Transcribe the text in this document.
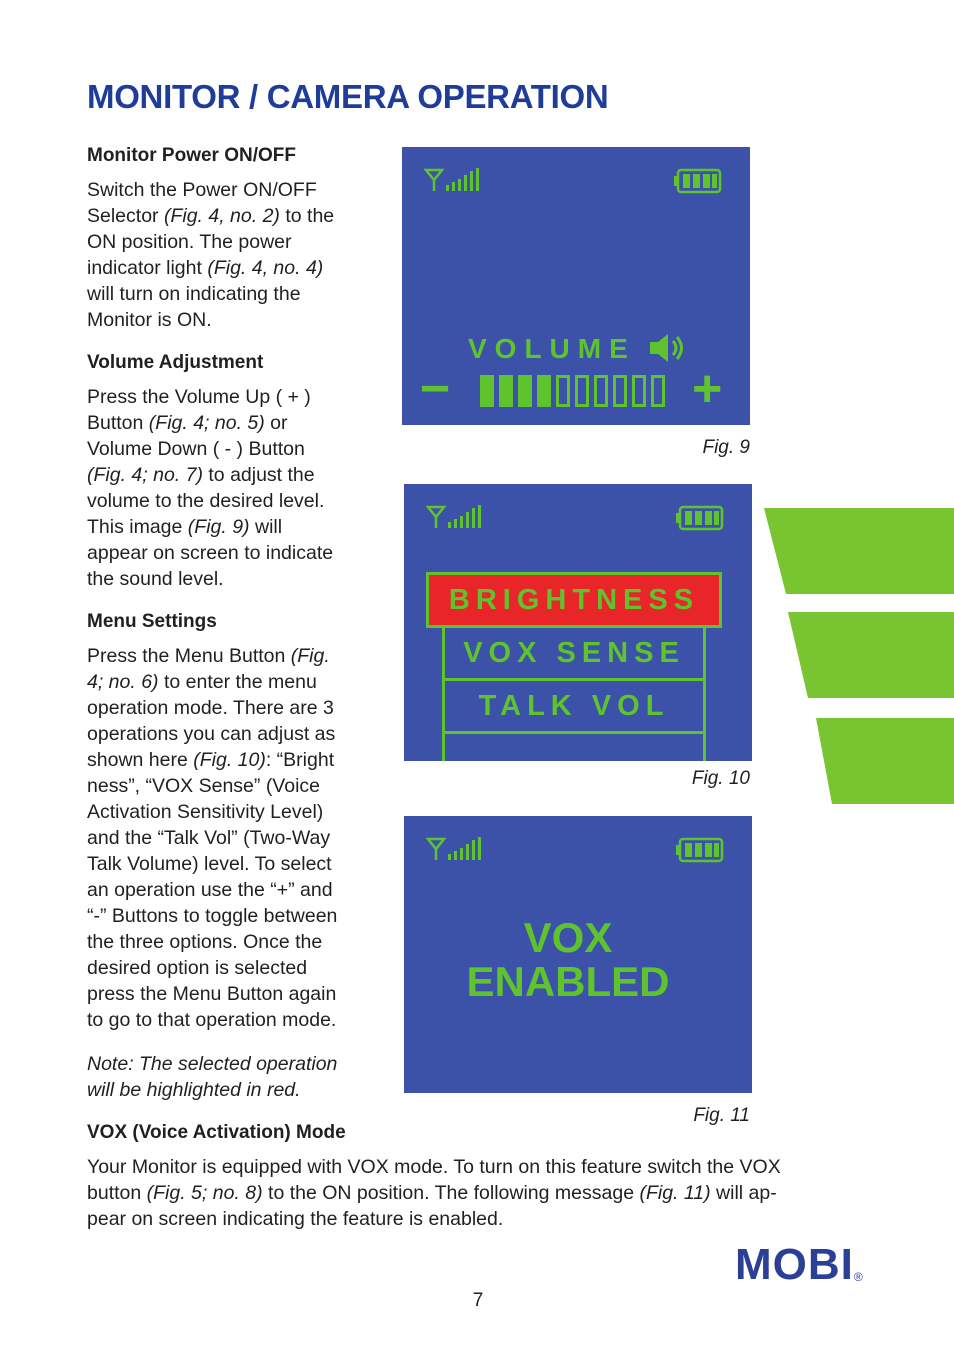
MONITOR / CAMERA OPERATION
Monitor Power ON/OFF
Switch the Power ON/OFF
Selector (Fig. 4, no. 2) to the
ON position. The power
indicator light (Fig. 4, no. 4)
will turn on indicating the
Monitor is ON.
Volume Adjustment
Press the Volume Up ( + )
Button (Fig. 4; no. 5) or
Volume Down ( - ) Button
(Fig. 4; no. 7) to adjust the
volume to the desired level.
This image (Fig. 9) will
appear on screen to indicate
the sound level.
Menu Settings
Press the Menu Button (Fig.
4; no. 6) to enter the menu
operation mode. There are 3
operations you can adjust as
shown here (Fig. 10): “Bright
ness”, “VOX Sense” (Voice
Activation Sensitivity Level)
and the “Talk Vol” (Two-Way
Talk Volume) level. To select
an operation use the “+” and
“-” Buttons to toggle between
the three options. Once the
desired option is selected
press the Menu Button again
to go to that operation mode.
Note: The selected operation
will be highlighted in red.
VOX (Voice Activation) Mode
Your Monitor is equipped with VOX mode. To turn on this feature switch the VOX
button (Fig. 5; no. 8) to the ON position. The following message (Fig. 11) will ap-
pear on screen indicating the feature is enabled.
VOLUME
−	+
Fig. 9
BRIGHTNESS
VOX SENSE
TALK VOL
Fig. 10
VOX
ENABLED
Fig. 11
MOBI®
7
